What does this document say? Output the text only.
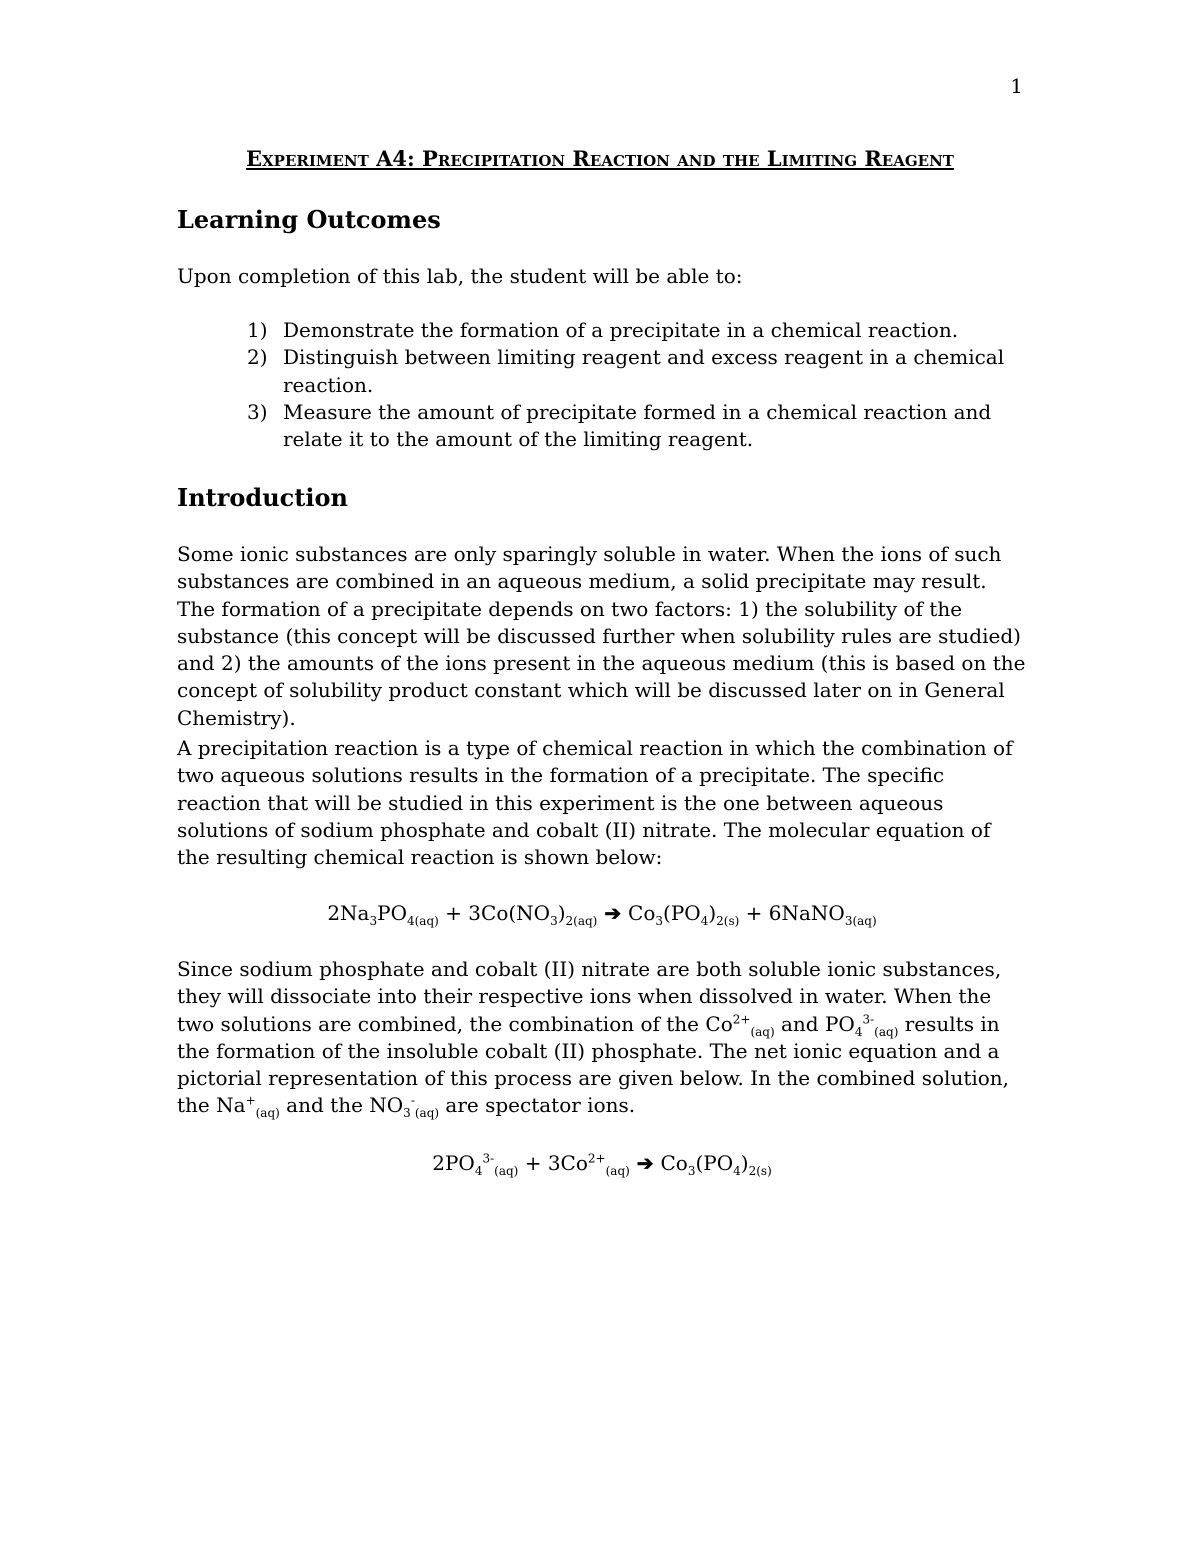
1
Experiment A4: Precipitation Reaction and the Limiting Reagent
Learning Outcomes

Upon completion of this lab, the student will be able to:

1) Demonstrate the formation of a precipitate in a chemical reaction.
2) Distinguish between limiting reagent and excess reagent in a chemical reaction.
3) Measure the amount of precipitate formed in a chemical reaction and relate it to the amount of the limiting reagent.
Introduction

Some ionic substances are only sparingly soluble in water. When the ions of such substances are combined in an aqueous medium, a solid precipitate may result. The formation of a precipitate depends on two factors: 1) the solubility of the substance (this concept will be discussed further when solubility rules are studied) and 2) the amounts of the ions present in the aqueous medium (this is based on the concept of solubility product constant which will be discussed later on in General Chemistry).

A precipitation reaction is a type of chemical reaction in which the combination of two aqueous solutions results in the formation of a precipitate. The specific reaction that will be studied in this experiment is the one between aqueous solutions of sodium phosphate and cobalt (II) nitrate. The molecular equation of the resulting chemical reaction is shown below:

$2Na_3PO_{4(aq)} + 3Co(NO_3)_{2(aq)}$ ➔ $Co_3(PO_4)_{2(s)}$ + 6NaNO$_{3(aq)}$

Since sodium phosphate and cobalt (II) nitrate are both soluble ionic substances, they will dissociate into their respective ions when dissolved in water. When the two solutions are combined, the combination of the $Co^{2+}_{(aq)}$ and $PO_4^{3-}_{(aq)}$ results in the formation of the insoluble cobalt (II) phosphate. The net ionic equation and a pictorial representation of this process are given below. In the combined solution, the $Na^+_{(aq)}$ and the $NO_3^-_{(aq)}$ are spectator ions.

$2PO_4^{3-}_{(aq)} + 3Co^{2+}_{(aq)}$ ➔ $Co_3(PO_4)_{2(s)}$
